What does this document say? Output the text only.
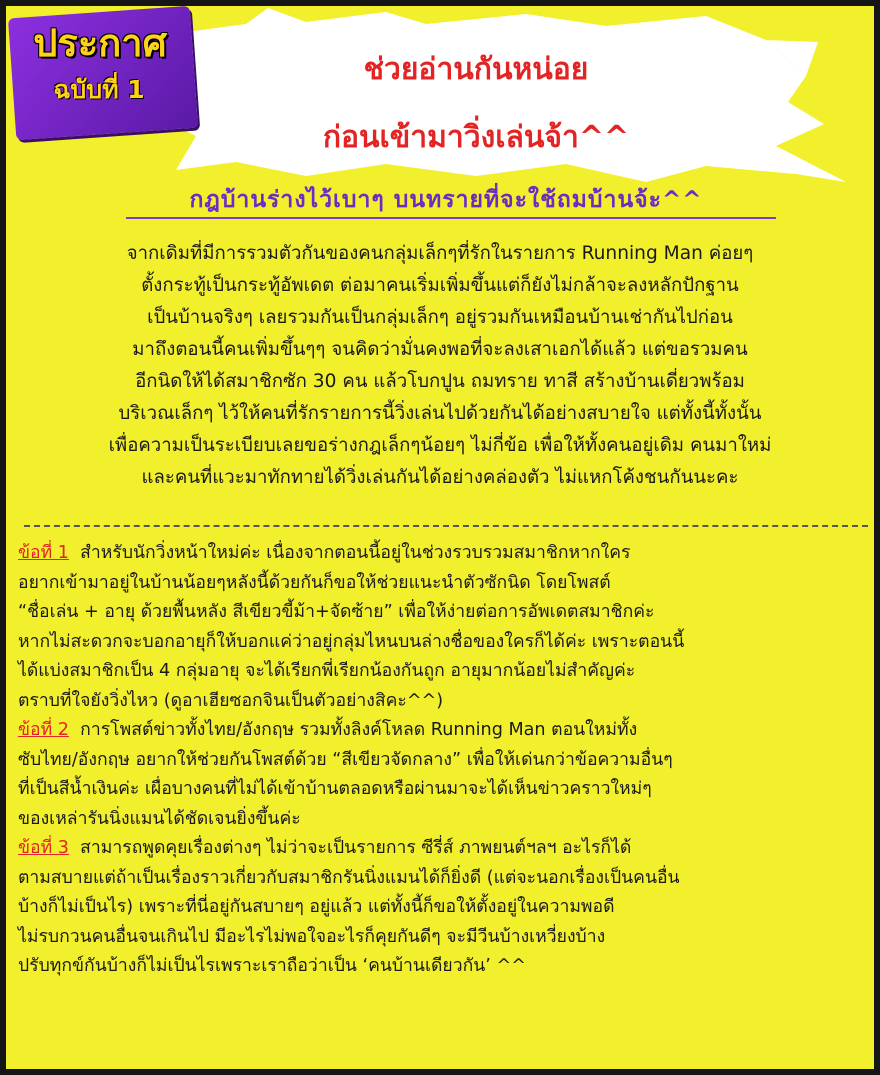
ประกาศ
ฉบับที่ 1
ช่วยอ่านกันหน่อย
ก่อนเข้ามาวิ่งเล่นจ้า^^
กฎบ้านร่างไว้เบาๆ บนทรายที่จะใช้ถมบ้านจ้ะ^^
จากเดิมที่มีการรวมตัวกันของคนกลุ่มเล็กๆที่รักในรายการ Running Man ค่อยๆ
ตั้งกระทู้เป็นกระทู้อัพเดต ต่อมาคนเริ่มเพิ่มขึ้นแต่ก็ยังไม่กล้าจะลงหลักปักฐาน
เป็นบ้านจริงๆ เลยรวมกันเป็นกลุ่มเล็กๆ อยู่รวมกันเหมือนบ้านเช่ากันไปก่อน
มาถึงตอนนี้คนเพิ่มขึ้นๆๆ จนคิดว่ามั่นคงพอที่จะลงเสาเอกได้แล้ว แต่ขอรวมคน
อีกนิดให้ได้สมาชิกซัก 30 คน แล้วโบกปูน ถมทราย ทาสี สร้างบ้านเดี่ยวพร้อม
บริเวณเล็กๆ ไว้ให้คนที่รักรายการนี้วิ่งเล่นไปด้วยกันได้อย่างสบายใจ แต่ทั้งนี้ทั้งนั้น
เพื่อความเป็นระเบียบเลยขอร่างกฎเล็กๆน้อยๆ ไม่กี่ข้อ เพื่อให้ทั้งคนอยู่เดิม คนมาใหม่
และคนที่แวะมาทักทายได้วิ่งเล่นกันได้อย่างคล่องตัว ไม่แหกโค้งชนกันนะคะ
ข้อที่ 1 สำหรับนักวิ่งหน้าใหม่ค่ะ เนื่องจากตอนนี้อยู่ในช่วงรวบรวมสมาชิกหากใคร
อยากเข้ามาอยู่ในบ้านน้อยๆหลังนี้ด้วยกันก็ขอให้ช่วยแนะนำตัวซักนิด โดยโพสต์
“ชื่อเล่น + อายุ ด้วยพื้นหลัง สีเขียวขี้ม้า+จัดซ้าย” เพื่อให้ง่ายต่อการอัพเดตสมาชิกค่ะ
หากไม่สะดวกจะบอกอายุก็ให้บอกแค่ว่าอยู่กลุ่มไหนบนล่างชื่อของใครก็ได้ค่ะ เพราะตอนนี้
ได้แบ่งสมาชิกเป็น 4 กลุ่มอายุ จะได้เรียกพี่เรียกน้องกันถูก อายุมากน้อยไม่สำคัญค่ะ
ตราบที่ใจยังวิ่งไหว (ดูอาเฮียซอกจินเป็นตัวอย่างสิคะ^^)
ข้อที่ 2 การโพสต์ข่าวทั้งไทย/อังกฤษ รวมทั้งลิงค์โหลด Running Man ตอนใหม่ทั้ง
ซับไทย/อังกฤษ อยากให้ช่วยกันโพสต์ด้วย “สีเขียวจัดกลาง” เพื่อให้เด่นกว่าข้อความอื่นๆ
ที่เป็นสีน้ำเงินค่ะ เผื่อบางคนที่ไม่ได้เข้าบ้านตลอดหรือผ่านมาจะได้เห็นข่าวคราวใหม่ๆ
ของเหล่ารันนิ่งแมนได้ชัดเจนยิ่งขึ้นค่ะ
ข้อที่ 3 สามารถพูดคุยเรื่องต่างๆ ไม่ว่าจะเป็นรายการ ซีรี่ส์ ภาพยนต์ฯลฯ อะไรก็ได้
ตามสบายแต่ถ้าเป็นเรื่องราวเกี่ยวกับสมาชิกรันนิ่งแมนได้ก็ยิ่งดี (แต่จะนอกเรื่องเป็นคนอื่น
บ้างก็ไม่เป็นไร) เพราะที่นี่อยู่กันสบายๆ อยู่แล้ว แต่ทั้งนี้ก็ขอให้ตั้งอยู่ในความพอดี
ไม่รบกวนคนอื่นจนเกินไป มีอะไรไม่พอใจอะไรก็คุยกันดีๆ จะมีวีนบ้างเหวี่ยงบ้าง
ปรับทุกข์กันบ้างก็ไม่เป็นไรเพราะเราถือว่าเป็น ‘คนบ้านเดียวกัน’ ^^
